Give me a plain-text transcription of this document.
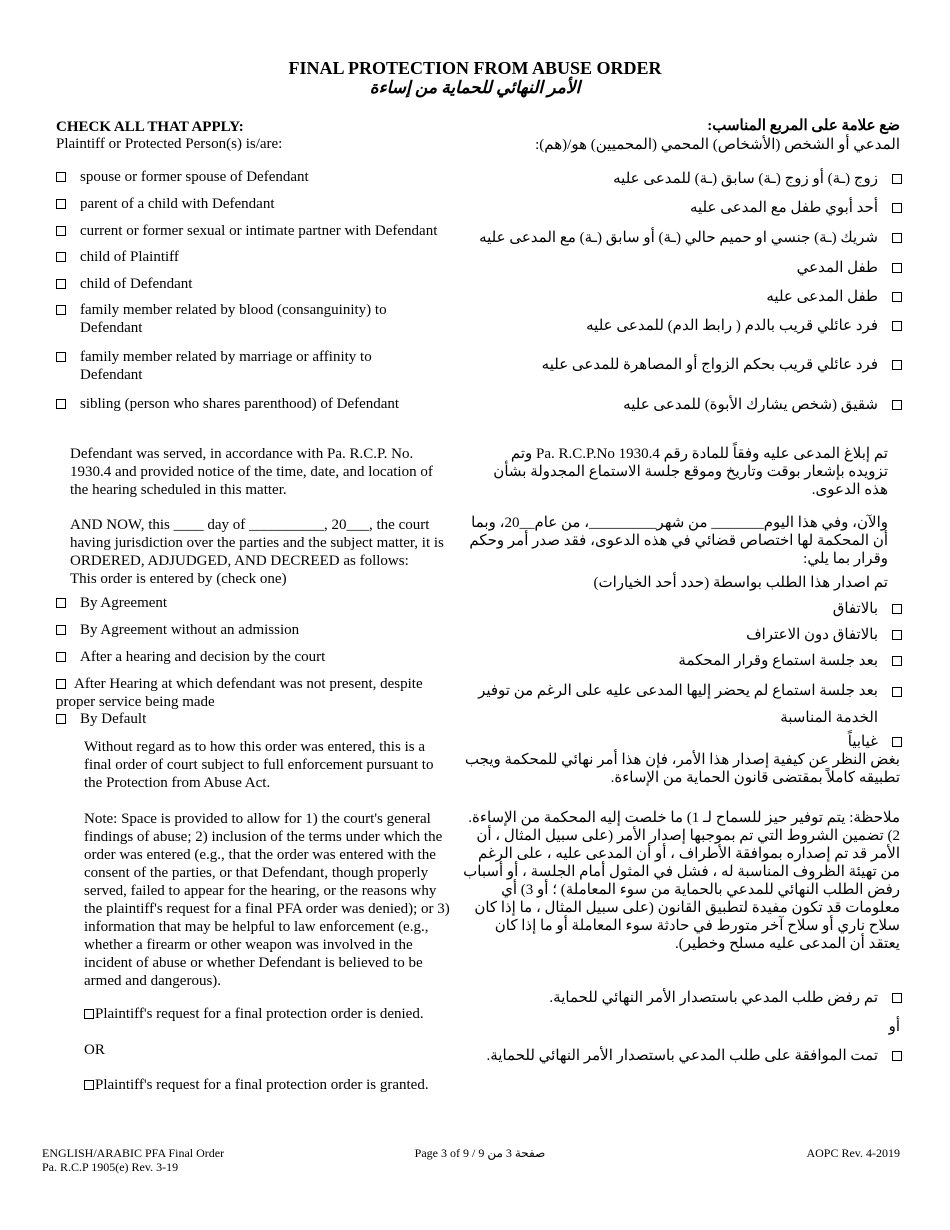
FINAL PROTECTION FROM ABUSE ORDER
الأمر النهائي للحماية من إساءة
CHECK ALL THAT APPLY:
Plaintiff or Protected Person(s) is/are:
ضع علامة على المربع المناسب:
المدعي أو الشخص (الأشخاص) المحمي (المحميين) هو/(هم):
spouse or former spouse of Defendant
parent of a child with Defendant
current or former sexual or intimate partner with Defendant
child of Plaintiff
child of Defendant
family member related by blood (consanguinity) to Defendant
family member related by marriage or affinity to Defendant
sibling (person who shares parenthood) of Defendant
زوج (ـة) أو زوج (ـة) سابق (ـة) للمدعى عليه
أحد أبوي طفل مع المدعى عليه
شريك (ـة) جنسي او حميم حالي (ـة) أو سابق (ـة) مع المدعى عليه
طفل المدعي
طفل المدعى عليه
فرد عائلي قريب بالدم ( رابط الدم) للمدعى عليه
فرد عائلي قريب بحكم الزواج أو المصاهرة للمدعى عليه
شقيق (شخص يشارك الأبوة) للمدعى عليه
Defendant was served, in accordance with Pa. R.C.P. No. 1930.4 and provided notice of the time, date, and location of the hearing scheduled in this matter.
تم إبلاغ المدعى عليه وفقاً للمادة رقم Pa. R.C.P.No 1930.4 وتم تزويده بإشعار بوقت وتاريخ وموقع جلسة الاستماع المجدولة بشأن هذه الدعوى.
AND NOW, this ____ day of __________, 20___, the court having jurisdiction over the parties and the subject matter, it is ORDERED, ADJUDGED, AND DECREED as follows:
This order is entered by (check one)
والآن، وفي هذا اليوم_______ من شهر_________، من عام__20، وبما أن المحكمة لها اختصاص قضائي في هذه الدعوى، فقد صدر أمر وحكم وقرار بما يلي:
تم اصدار هذا الطلب بواسطة (حدد أحد الخيارات)
By Agreement
By Agreement without an admission
After a hearing and decision by the court
After Hearing at which defendant was not present, despite proper service being made
By Default
بالاتفاق
بالاتفاق دون الاعتراف
بعد جلسة استماع وقرار المحكمة
بعد جلسة استماع لم يحضر إليها المدعى عليه على الرغم من توفير الخدمة المناسبة
غيابياً
Without regard as to how this order was entered, this is a final order of court subject to full enforcement pursuant to the Protection from Abuse Act.
بغض النظر عن كيفية إصدار هذا الأمر، فإن هذا أمر نهائي للمحكمة ويجب تطبيقه كاملاً بمقتضى قانون الحماية من الإساءة.
Note: Space is provided to allow for 1) the court's general findings of abuse; 2) inclusion of the terms under which the order was entered (e.g., that the order was entered with the consent of the parties, or that Defendant, though properly served, failed to appear for the hearing, or the reasons why the plaintiff's request for a final PFA order was denied); or 3) information that may be helpful to law enforcement (e.g., whether a firearm or other weapon was involved in the incident of abuse or whether Defendant is believed to be armed and dangerous).
ملاحظة: يتم توفير حيز للسماح لـ 1) ما خلصت إليه المحكمة من الإساءة. 2) تضمين الشروط التي تم بموجبها إصدار الأمر (على سبيل المثال ، أن الأمر قد تم إصداره بموافقة الأطراف ، أو أن المدعى عليه ، على الرغم من تهيئة الظروف المناسبة له ، فشل في المثول أمام الجلسة ، أو أسباب رفض الطلب النهائي للمدعي بالحماية من سوء المعاملة) ؛ أو 3) أي معلومات قد تكون مفيدة لتطبيق القانون (على سبيل المثال ، ما إذا كان سلاح ناري أو سلاح آخر متورط في حادثة سوء المعاملة أو ما إذا كان يعتقد أن المدعى عليه مسلح وخطير).
Plaintiff's request for a final protection order is denied.
OR
Plaintiff's request for a final protection order is granted.
تم رفض طلب المدعي باستصدار الأمر النهائي للحماية.
أو
تمت الموافقة على طلب المدعي باستصدار الأمر النهائي للحماية.
ENGLISH/ARABIC PFA Final Order
Pa. R.C.P 1905(e) Rev. 3-19
Page 3 of 9 / 9 صفحة 3 من	AOPC Rev. 4-2019
